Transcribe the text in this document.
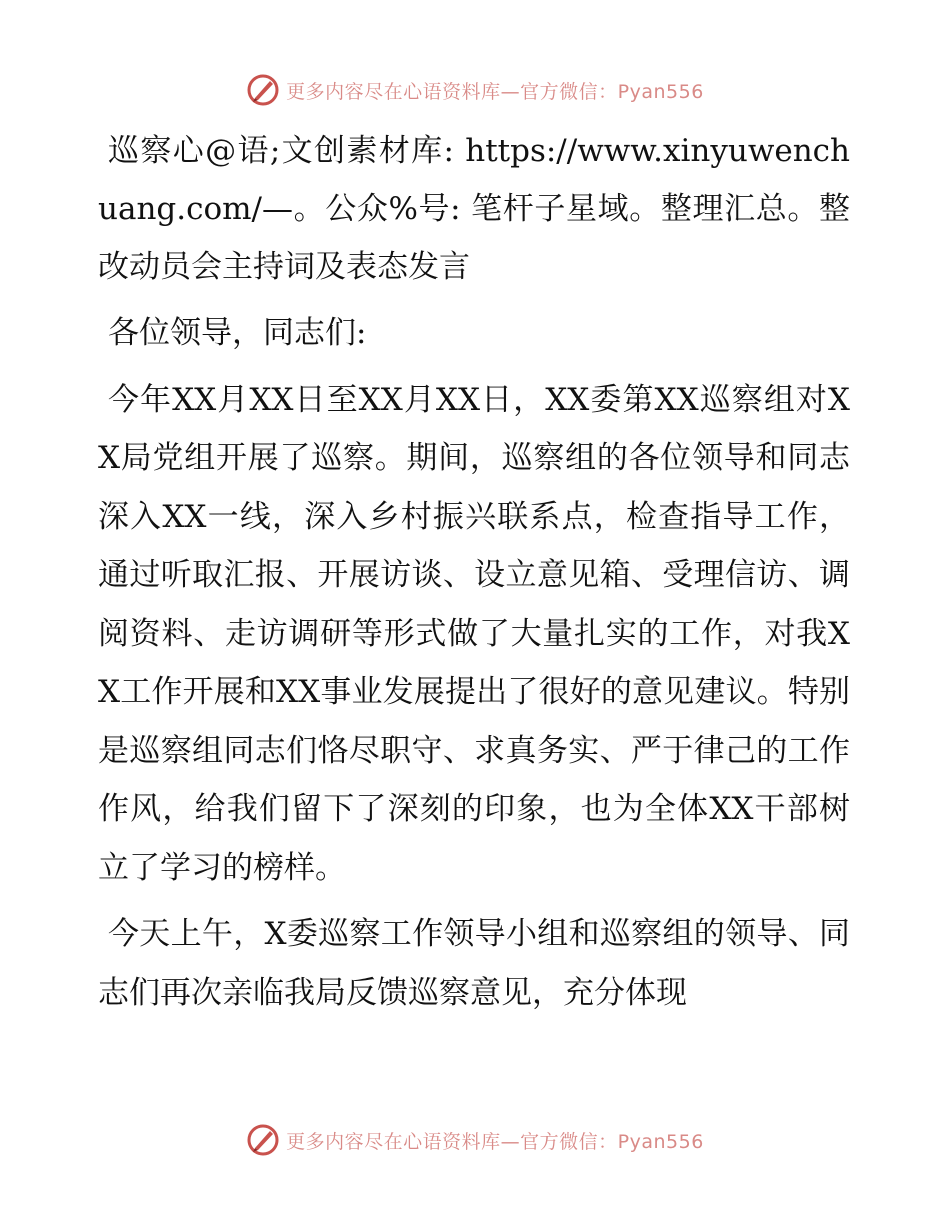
更多内容尽在心语资料库—官方微信：Pyan556

巡察心@语;文创素材库: https://www.xinyuwenchuang.com/—。公众%号: 笔杆子星域。整理汇总。整改动员会主持词及表态发言

各位领导，同志们:

今年XX月XX日至XX月XX日，XX委第XX巡察组对XX局党组开展了巡察。期间，巡察组的各位领导和同志深入XX一线，深入乡村振兴联系点，检查指导工作，通过听取汇报、开展访谈、设立意见箱、受理信访、调阅资料、走访调研等形式做了大量扎实的工作，对我XX工作开展和XX事业发展提出了很好的意见建议。特别是巡察组同志们恪尽职守、求真务实、严于律己的工作作风，给我们留下了深刻的印象，也为全体XX干部树立了学习的榜样。

今天上午，X委巡察工作领导小组和巡察组的领导、同志们再次亲临我局反馈巡察意见，充分体现

更多内容尽在心语资料库—官方微信：Pyan556
